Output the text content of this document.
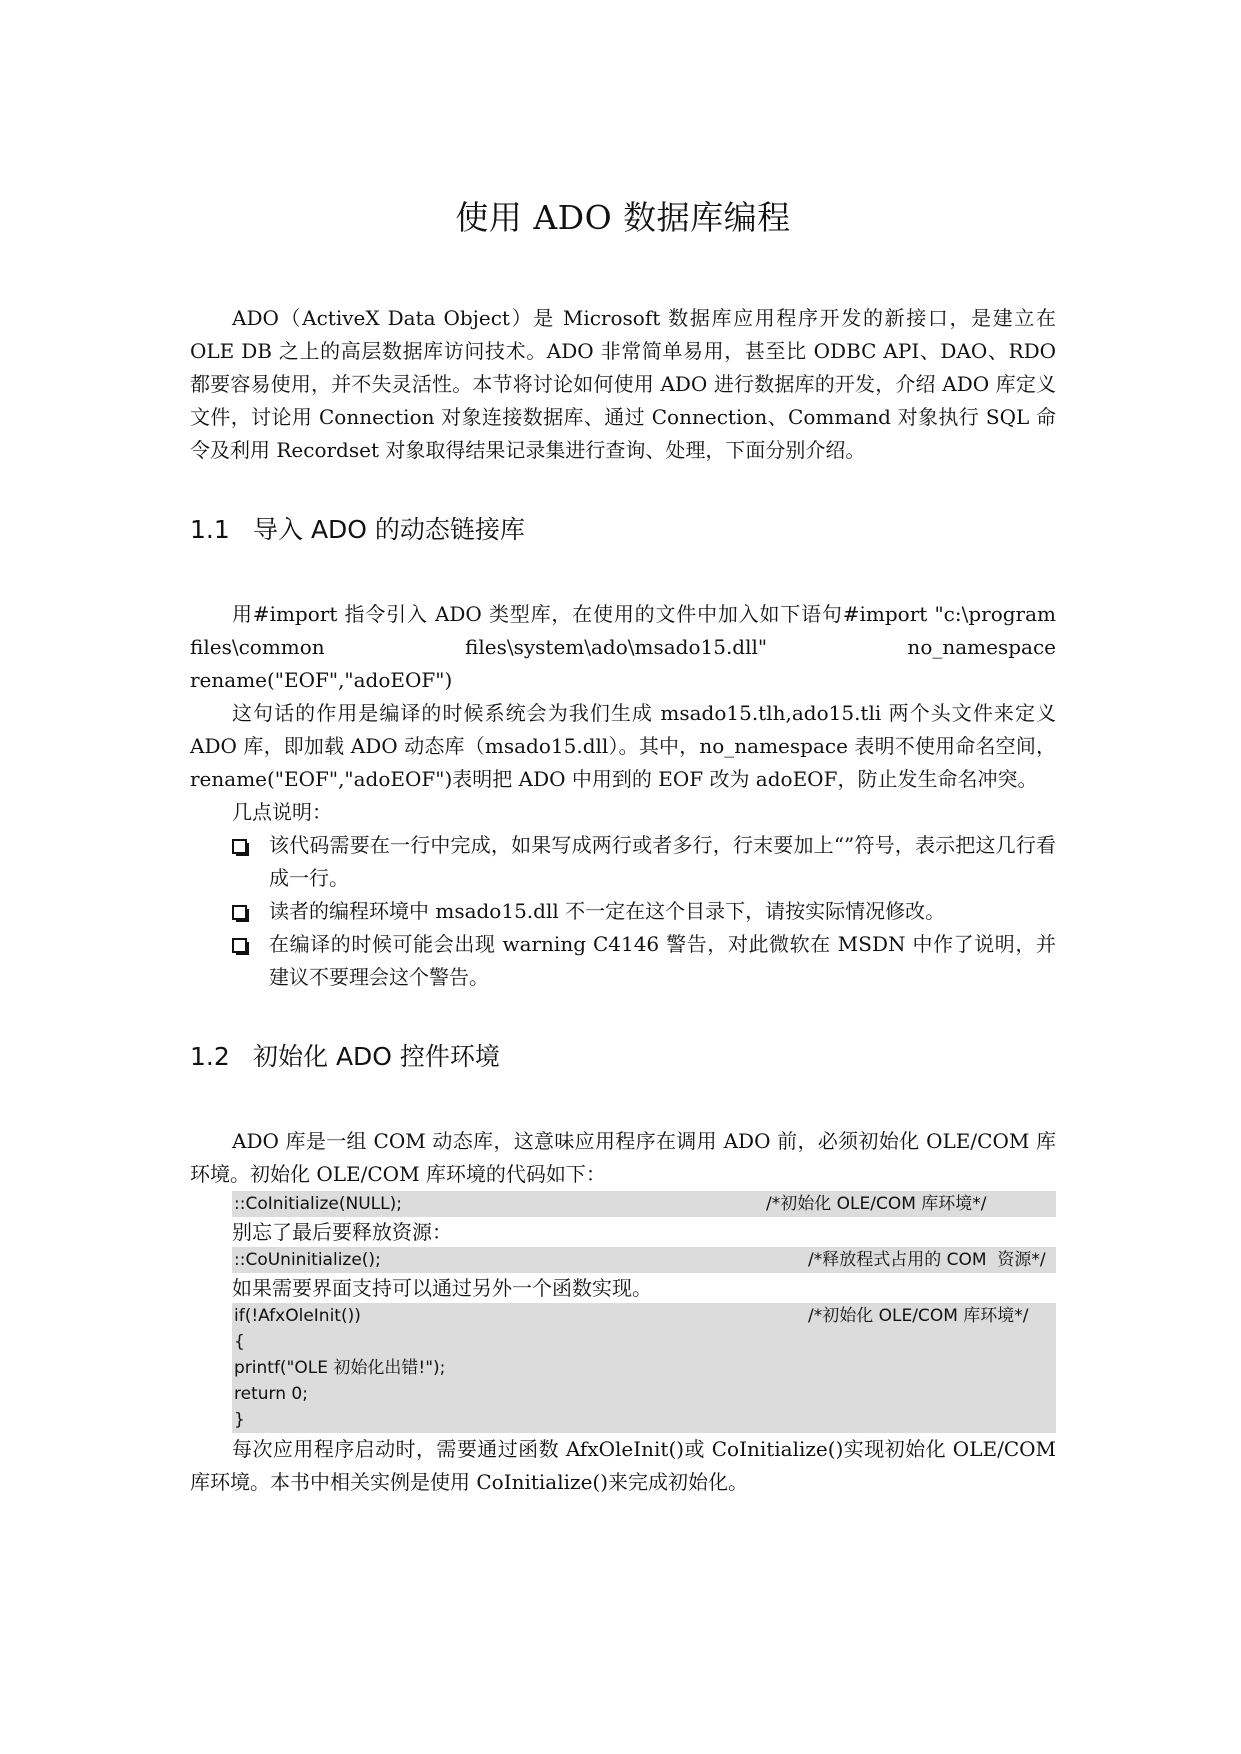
使用 ADO 数据库编程

ADO（ActiveX Data Object）是 Microsoft 数据库应用程序开发的新接口，是建立在 OLE DB 之上的高层数据库访问技术。ADO 非常简单易用，甚至比 ODBC API、DAO、RDO 都要容易使用，并不失灵活性。本节将讨论如何使用 ADO 进行数据库的开发，介绍 ADO 库定义文件，讨论用 Connection 对象连接数据库、通过 Connection、Command 对象执行 SQL 命令及利用 Recordset 对象取得结果记录集进行查询、处理，下面分别介绍。

1.1 导入 ADO 的动态链接库

用#import 指令引入 ADO 类型库，在使用的文件中加入如下语句#import "c:\program files\common files\system\ado\msado15.dll" no_namespace rename("EOF","adoEOF")

这句话的作用是编译的时候系统会为我们生成 msado15.tlh,ado15.tli 两个头文件来定义 ADO 库，即加载 ADO 动态库（msado15.dll）。其中，no_namespace 表明不使用命名空间，rename("EOF","adoEOF")表明把 ADO 中用到的 EOF 改为 adoEOF，防止发生命名冲突。

几点说明：

该代码需要在一行中完成，如果写成两行或者多行，行末要加上“”符号，表示把这几行看成一行。
读者的编程环境中 msado15.dll 不一定在这个目录下，请按实际情况修改。
在编译的时候可能会出现 warning C4146 警告，对此微软在 MSDN 中作了说明，并建议不要理会这个警告。
1.2 初始化 ADO 控件环境

ADO 库是一组 COM 动态库，这意味应用程序在调用 ADO 前，必须初始化 OLE/COM 库环境。初始化 OLE/COM 库环境的代码如下：

::CoInitialize(NULL);	/*初始化 OLE/COM 库环境*/

别忘了最后要释放资源：

::CoUninitialize();	/*释放程式占用的 COM  资源*/

如果需要界面支持可以通过另外一个函数实现。

if(!AfxOleInit())	/*初始化 OLE/COM 库环境*/
{
printf("OLE 初始化出错!");
return 0;
}

每次应用程序启动时，需要通过函数 AfxOleInit()或 CoInitialize()实现初始化 OLE/COM 库环境。本书中相关实例是使用 CoInitialize()来完成初始化。
